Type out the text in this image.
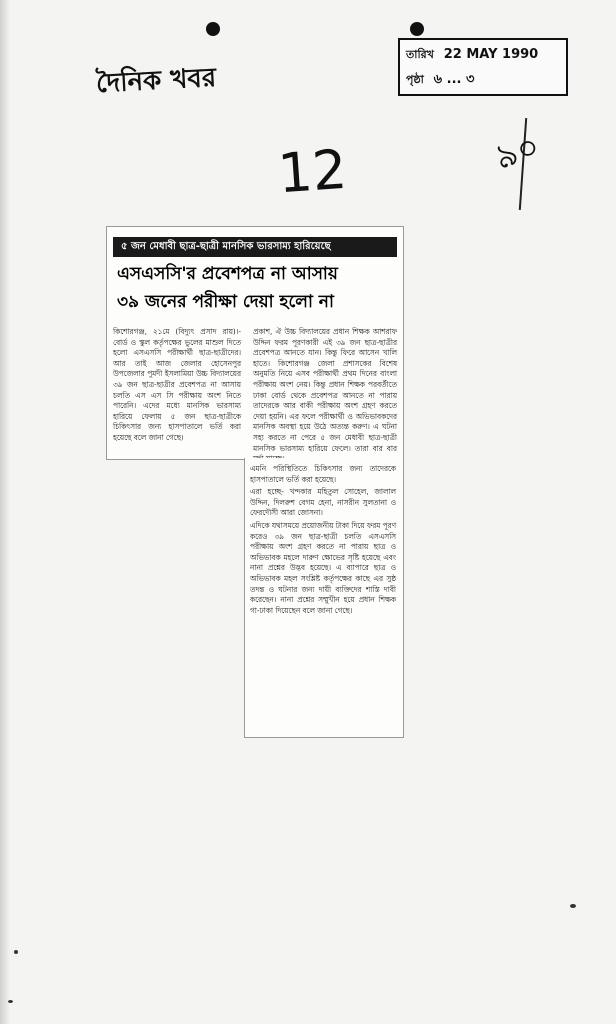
দৈনিক খবর
তারিখ 22 MAY 1990
পৃষ্ঠা ৬ ... ৩
12	৯০
৫ জন মেধাবী ছাত্র-ছাত্রী মানসিক ভারসাম্য হারিয়েছে
এসএসসি'র প্রবেশপত্র না আসায়
৩৯ জনের পরীক্ষা দেয়া হলো না
কিশোরগঞ্জ, ২১মে (বিদ্যুৎ প্রসাদ রায়)।- বোর্ড ও স্কুল কর্তৃপক্ষের ভুলের মাশুল দিতে হলো এসএসসি পরীক্ষার্থী ছাত্র-ছাত্রীদের। আর তাই আজ জেলার হোসেনপুর উপজেলার পুমদী ইসলামিয়া উচ্চ বিদ্যালয়ের ৩৯ জন ছাত্র-ছাত্রীর প্রবেশপত্র না আসায় চলতি এস এস সি পরীক্ষায় অংশ নিতে পারেনি। এদের মধ্যে মানসিক ভারসাম্য হারিয়ে ফেলায় ৫ জন ছাত্র-ছাত্রীকে চিকিৎসার জন্য হাসপাতালে ভর্তি করা হয়েছে বলে জানা গেছে।
প্রকাশ, ঐ উচ্চ বিদ্যালয়ের প্রধান শিক্ষক আশরাফ উদ্দিন ফরম পূরণকারী এই ৩৯ জন ছাত্র-ছাত্রীর প্রবেশপত্র আনতে যান। কিন্তু ফিরে আসেন খালি হাতে। কিশোরগঞ্জ জেলা প্রশাসকের বিশেষ অনুমতি নিয়ে এসব পরীক্ষার্থী প্রথম দিনের বাংলা পরীক্ষায় অংশ নেয়। কিন্তু প্রধান শিক্ষক পরবর্তীতে ঢাকা বোর্ড থেকে প্রবেশপত্র আনতে না পারায় তাদেরকে আর বাকী পরীক্ষায় অংশ গ্রহণ করতে দেয়া হয়নি। এর ফলে পরীক্ষার্থী ও অভিভাবকদের মানসিক অবস্থা হয়ে উঠে অত্যন্ত করুণ। এ ঘটনা সহ্য করতে না পেরে ৫ জন মেধাবী ছাত্র-ছাত্রী মানসিক ভারসাম্য হারিয়ে ফেলে। তারা বার বার

এমনি পরিস্থিতিতে চিকিৎসার জন্য তাদেরকে হাসপাতালে ভর্তি করা হয়েছে।

এরা হচ্ছে- খন্দকার মহিতুল সোহেল, জালাল উদ্দিন, দিলরুশ বেগম হেনা, নাসরীন সুলতানা ও ফেরদৌসী আরা জোসনা।

এদিকে যথাসময়ে প্রয়োজনীয় টাকা দিয়ে ফরম পূরণ করেও ৩৯ জন ছাত্র-ছাত্রী চলতি এসএসসি পরীক্ষায় অংশ গ্রহণ করতে না পারায় ছাত্র ও অভিভাবক মহলে দারুণ ক্ষোভের সৃষ্টি হয়েছে এবং নানা প্রশ্নের উদ্ভব হয়েছে। এ ব্যাপারে ছাত্র ও অভিভাবক মহল সংশ্লিষ্ট কর্তৃপক্ষের কাছে এর সুষ্ঠ তদন্ত ও ঘটনার জন্য দায়ী ব্যক্তিদের শাস্তি দাবী করেছেন। নানা প্রশ্নের সম্মুখীন হয়ে প্রধান শিক্ষক গা-ঢাকা দিয়েছেন বলে জানা গেছে।
